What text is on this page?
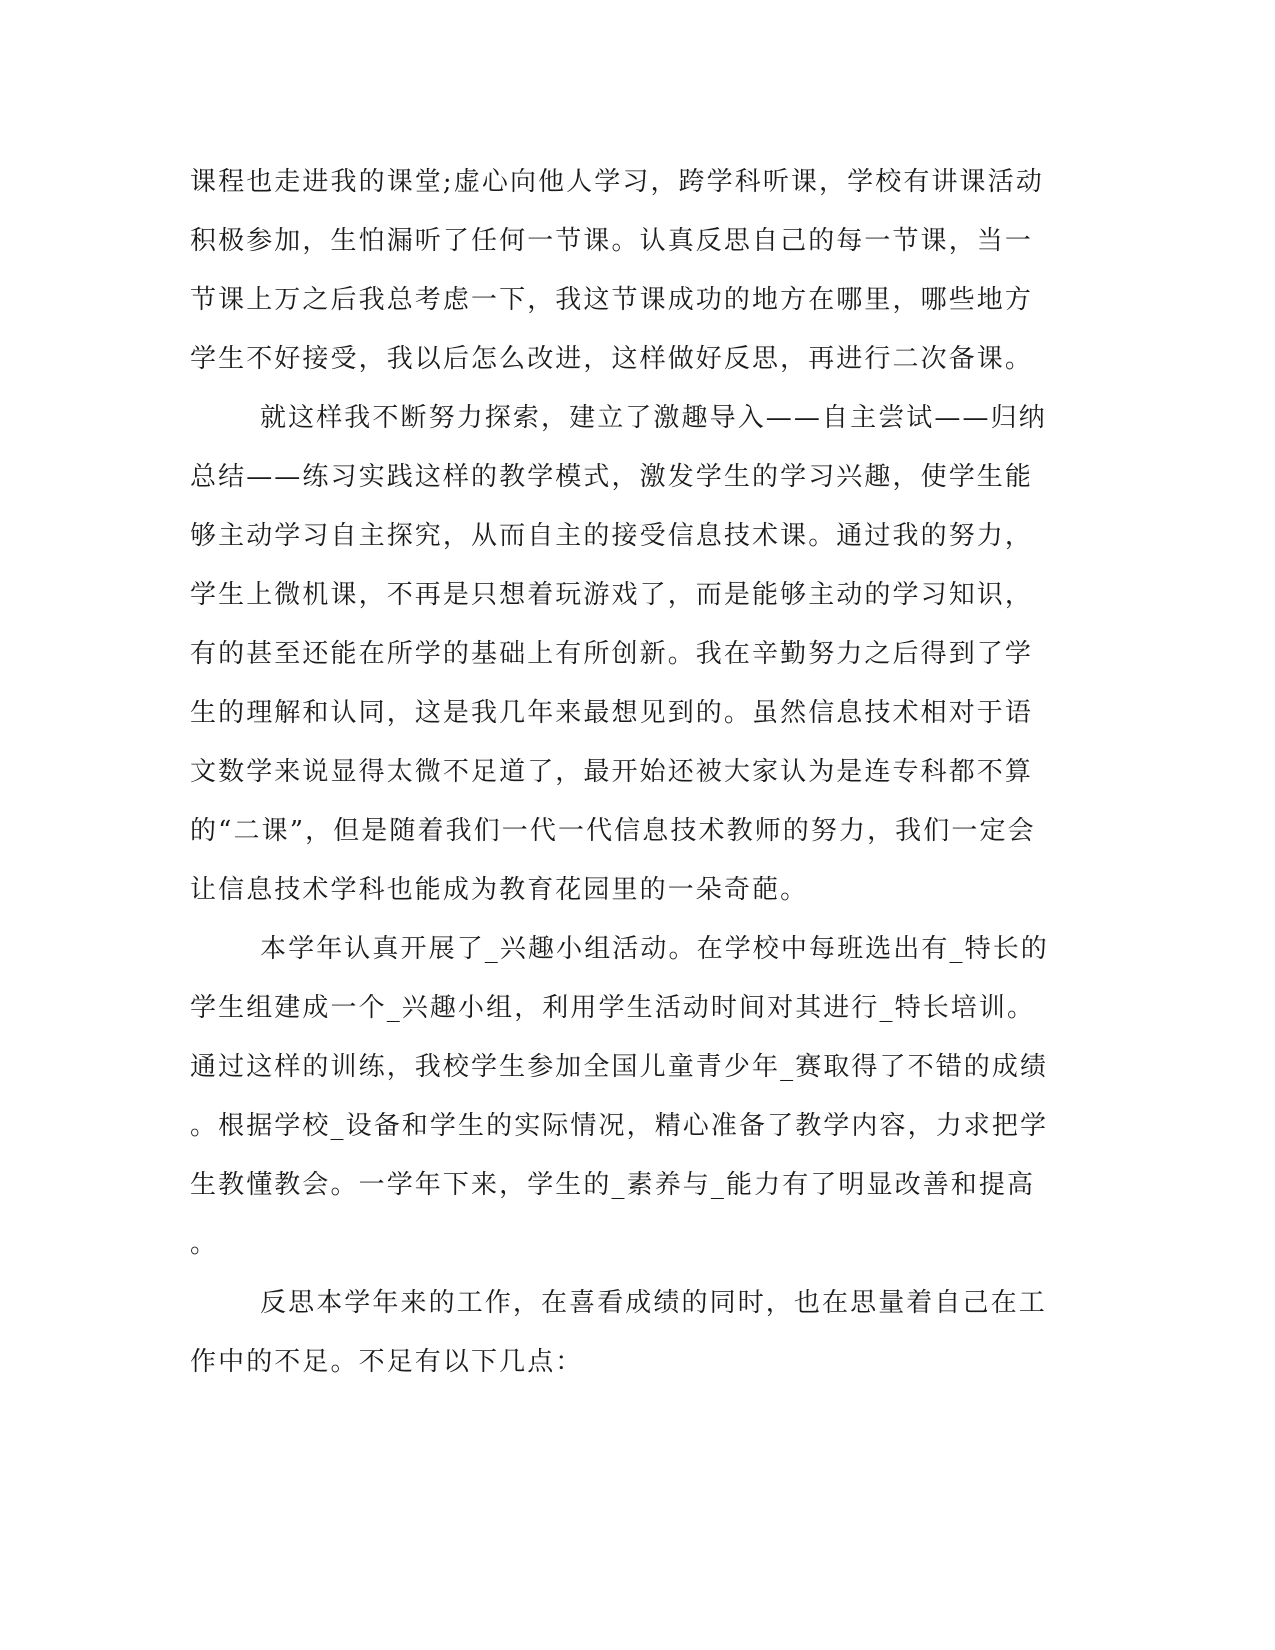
课程也走进我的课堂;虚心向他人学习，跨学科听课，学校有讲课活动
积极参加，生怕漏听了任何一节课。认真反思自己的每一节课，当一
节课上万之后我总考虑一下，我这节课成功的地方在哪里，哪些地方
学生不好接受，我以后怎么改进，这样做好反思，再进行二次备课。
就这样我不断努力探索，建立了激趣导入——自主尝试——归纳
总结——练习实践这样的教学模式，激发学生的学习兴趣，使学生能
够主动学习自主探究，从而自主的接受信息技术课。通过我的努力，
学生上微机课，不再是只想着玩游戏了，而是能够主动的学习知识，
有的甚至还能在所学的基础上有所创新。我在辛勤努力之后得到了学
生的理解和认同，这是我几年来最想见到的。虽然信息技术相对于语
文数学来说显得太微不足道了，最开始还被大家认为是连专科都不算
的“二课”，但是随着我们一代一代信息技术教师的努力，我们一定会
让信息技术学科也能成为教育花园里的一朵奇葩。
本学年认真开展了_兴趣小组活动。在学校中每班选出有_特长的
学生组建成一个_兴趣小组，利用学生活动时间对其进行_特长培训。
通过这样的训练，我校学生参加全国儿童青少年_赛取得了不错的成绩
。根据学校_设备和学生的实际情况，精心准备了教学内容，力求把学
生教懂教会。一学年下来，学生的_素养与_能力有了明显改善和提高
。
反思本学年来的工作，在喜看成绩的同时，也在思量着自己在工
作中的不足。不足有以下几点：
